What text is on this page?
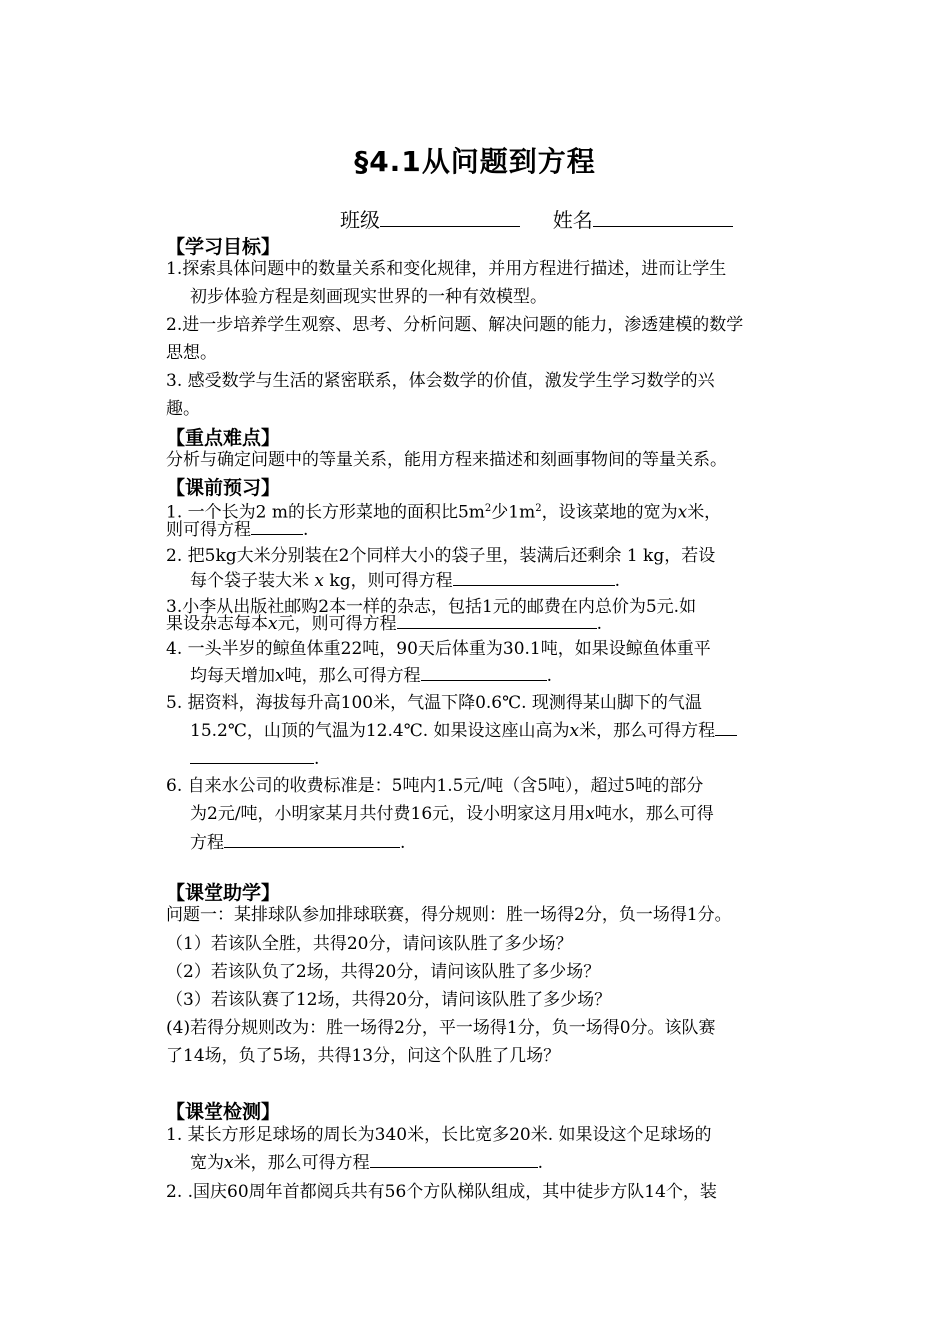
§4.1从问题到方程
班级	姓名
【学习目标】
1.探索具体问题中的数量关系和变化规律，并用方程进行描述，进而让学生
初步体验方程是刻画现实世界的一种有效模型。
2.进一步培养学生观察、思考、分析问题、解决问题的能力，渗透建模的数学
思想。
3. 感受数学与生活的紧密联系，体会数学的价值，激发学生学习数学的兴
趣。
【重点难点】
分析与确定问题中的等量关系，能用方程来描述和刻画事物间的等量关系。
【课前预习】
1. 一个长为2 m的长方形菜地的面积比$5m^2$少$1m^2$，设该菜地的宽为x米，
则可得方程	.
2. 把5kg大米分别装在2个同样大小的袋子里，装满后还剩余 1 kg，若设
每个袋子装大米 x kg，则可得方程	.
3.小李从出版社邮购2本一样的杂志，包括1元的邮费在内总价为5元.如
果设杂志每本x元，则可得方程	.
4. 一头半岁的鲸鱼体重22吨，90天后体重为30.1吨，如果设鲸鱼体重平
均每天增加x吨，那么可得方程	.
5. 据资料，海拔每升高100米，气温下降0.6℃. 现测得某山脚下的气温
15.2℃，山顶的气温为12.4℃. 如果设这座山高为x米，那么可得方程
.
6. 自来水公司的收费标准是：5吨内1.5元/吨（含5吨），超过5吨的部分
为2元/吨，小明家某月共付费16元，设小明家这月用x吨水，那么可得
方程	.
【课堂助学】
问题一：某排球队参加排球联赛，得分规则：胜一场得2分，负一场得1分。
（1）若该队全胜，共得20分，请问该队胜了多少场？
（2）若该队负了2场，共得20分，请问该队胜了多少场？
（3）若该队赛了12场，共得20分，请问该队胜了多少场？
(4)若得分规则改为：胜一场得2分，平一场得1分，负一场得0分。该队赛
了14场，负了5场，共得13分，问这个队胜了几场？
【课堂检测】
1. 某长方形足球场的周长为340米，长比宽多20米. 如果设这个足球场的
宽为x米，那么可得方程	.
2. .国庆60周年首都阅兵共有56个方队梯队组成，其中徒步方队14个，装
